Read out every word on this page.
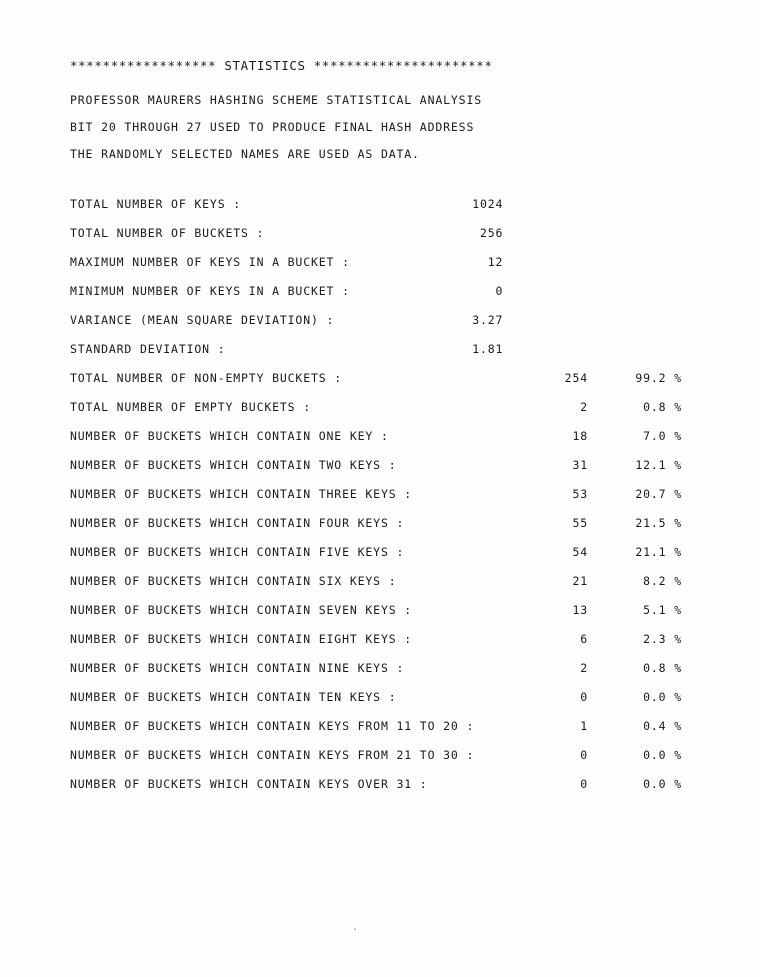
****************** STATISTICS **********************
PROFESSOR MAURERS HASHING SCHEME STATISTICAL ANALYSIS
BIT 20 THROUGH 27 USED TO PRODUCE FINAL HASH ADDRESS
THE RANDOMLY SELECTED NAMES ARE USED AS DATA.
TOTAL NUMBER OF KEYS :	1024		
TOTAL NUMBER OF BUCKETS :	256		
MAXIMUM NUMBER OF KEYS IN A BUCKET :	12		
MINIMUM NUMBER OF KEYS IN A BUCKET :	0		
VARIANCE (MEAN SQUARE DEVIATION) :	3.27		
STANDARD DEVIATION :	1.81		
TOTAL NUMBER OF NON-EMPTY BUCKETS :	254	99.2 %
TOTAL NUMBER OF EMPTY BUCKETS :	2	0.8 %
NUMBER OF BUCKETS WHICH CONTAIN ONE KEY :	18	7.0 %
NUMBER OF BUCKETS WHICH CONTAIN TWO KEYS :	31	12.1 %
NUMBER OF BUCKETS WHICH CONTAIN THREE KEYS :	53	20.7 %
NUMBER OF BUCKETS WHICH CONTAIN FOUR KEYS :	55	21.5 %
NUMBER OF BUCKETS WHICH CONTAIN FIVE KEYS :	54	21.1 %
NUMBER OF BUCKETS WHICH CONTAIN SIX KEYS :	21	8.2 %
NUMBER OF BUCKETS WHICH CONTAIN SEVEN KEYS :	13	5.1 %
NUMBER OF BUCKETS WHICH CONTAIN EIGHT KEYS :	6	2.3 %
NUMBER OF BUCKETS WHICH CONTAIN NINE KEYS :	2	0.8 %
NUMBER OF BUCKETS WHICH CONTAIN TEN KEYS :	0	0.0 %
NUMBER OF BUCKETS WHICH CONTAIN KEYS FROM 11 TO 20 :	1	0.4 %
NUMBER OF BUCKETS WHICH CONTAIN KEYS FROM 21 TO 30 :	0	0.0 %
NUMBER OF BUCKETS WHICH CONTAIN KEYS OVER 31 :	0	0.0 %
.
